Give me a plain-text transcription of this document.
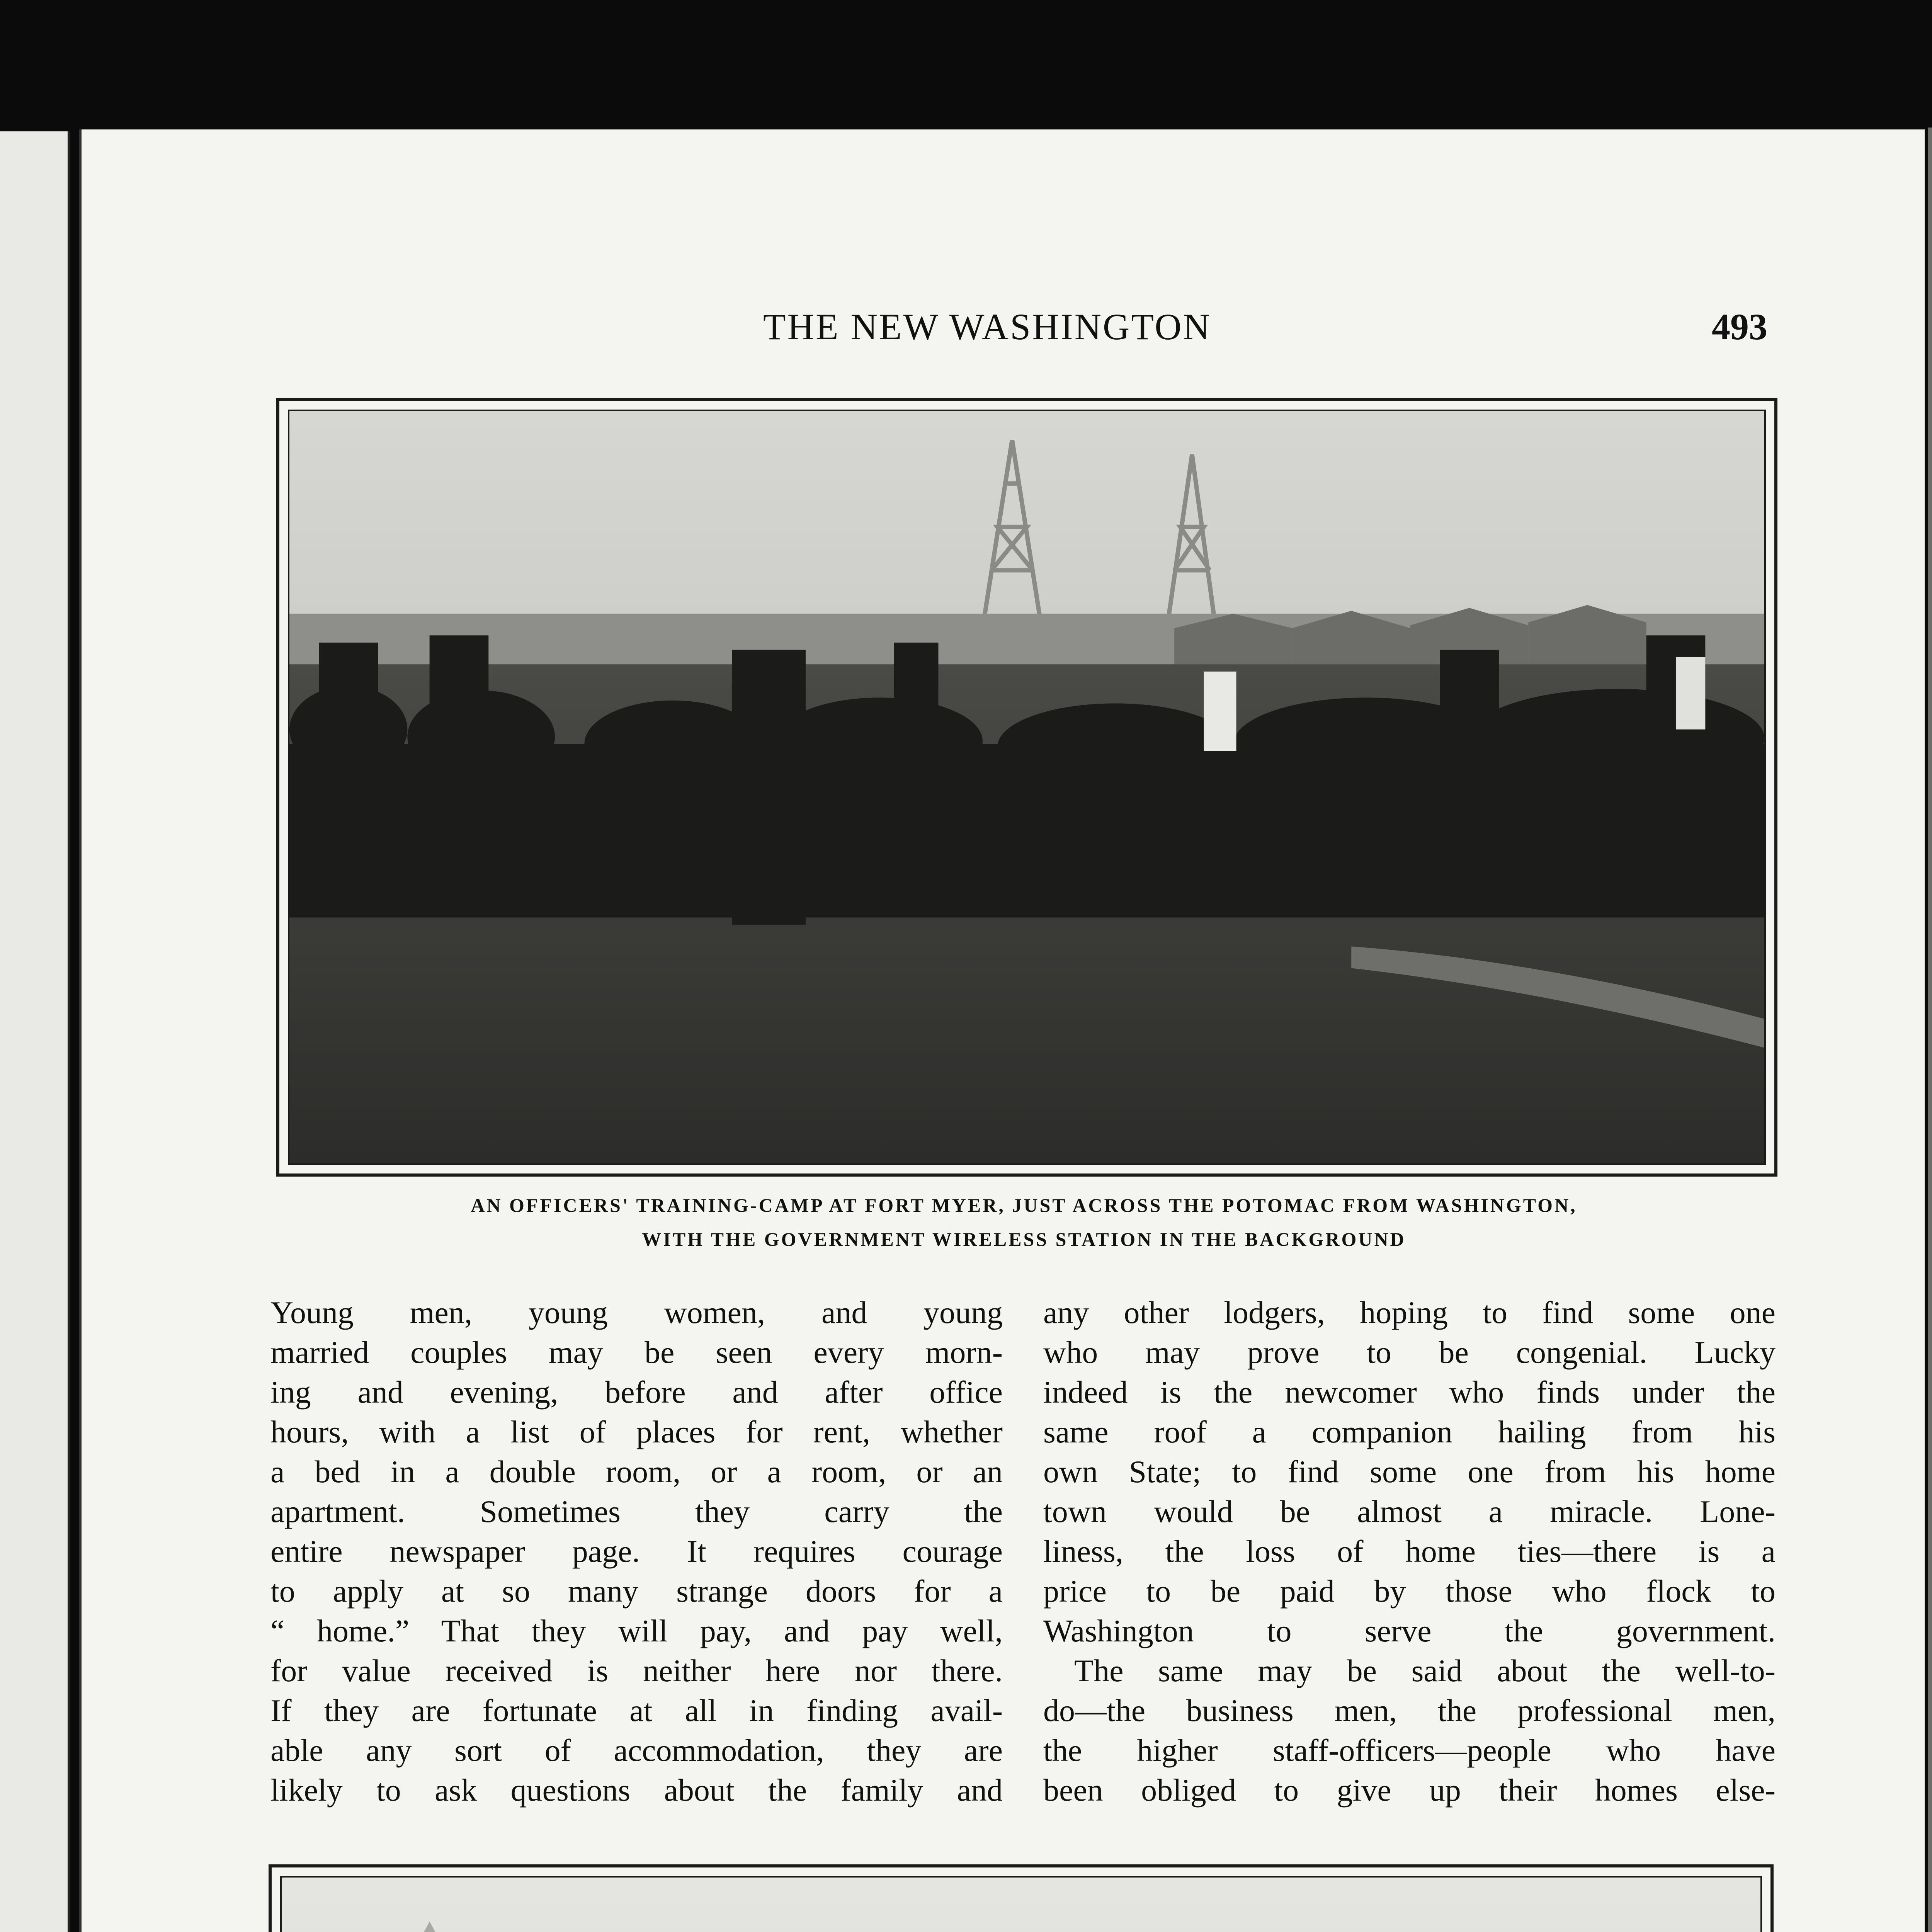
THE NEW WASHINGTON	493
AN OFFICERS' TRAINING-CAMP AT FORT MYER, JUST ACROSS THE POTOMAC FROM WASHINGTON,
WITH THE GOVERNMENT WIRELESS STATION IN THE BACKGROUND
Young men, young women, and young
married couples may be seen every morn-
ing and evening, before and after office
hours, with a list of places for rent, whether
a bed in a double room, or a room, or an
apartment. Sometimes they carry the
entire newspaper page. It requires courage
to apply at so many strange doors for a
“ home.” That they will pay, and pay well,
for value received is neither here nor there.
If they are fortunate at all in finding avail-
able any sort of accommodation, they are
likely to ask questions about the family and
any other lodgers, hoping to find some one
who may prove to be congenial. Lucky
indeed is the newcomer who finds under the
same roof a companion hailing from his
own State; to find some one from his home
town would be almost a miracle. Lone-
liness, the loss of home ties—there is a
price to be paid by those who flock to
Washington to serve the government.
The same may be said about the well-to-
do—the business men, the professional men,
the higher staff-officers—people who have
been obliged to give up their homes else-
